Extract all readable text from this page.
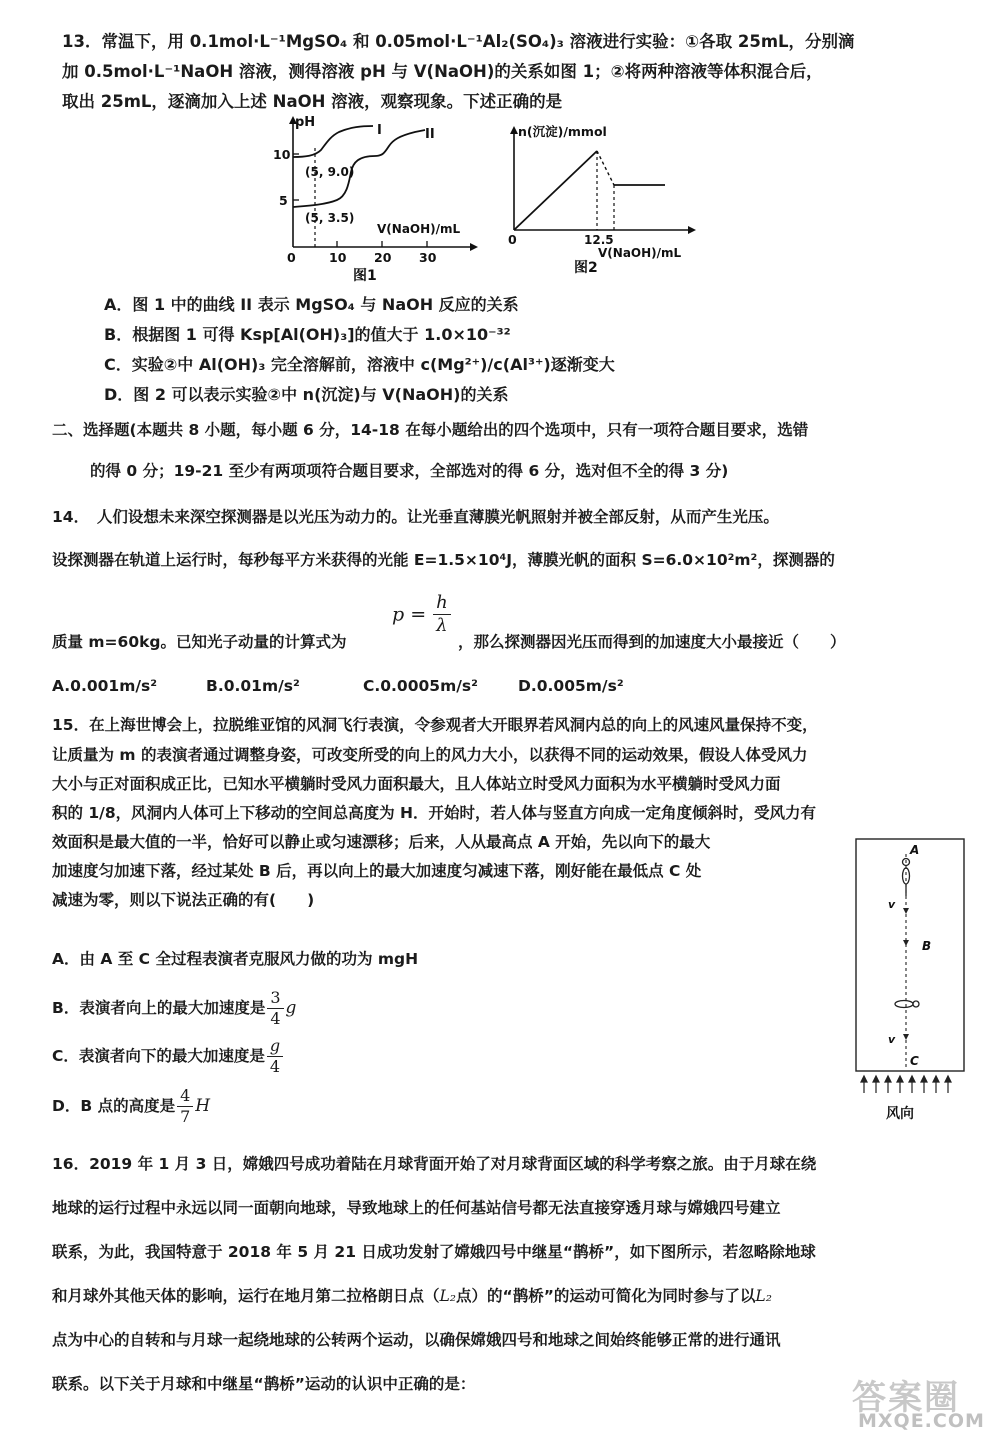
13．常温下，用 0.1mol·L⁻¹MgSO₄ 和 0.05mol·L⁻¹Al₂(SO₄)₃ 溶液进行实验：①各取 25mL，分别滴
加 0.5mol·L⁻¹NaOH 溶液，测得溶液 pH 与 V(NaOH)的关系如图 1；②将两种溶液等体积混合后，
取出 25mL，逐滴加入上述 NaOH 溶液，观察现象。下述正确的是
pH
10
5
0	10 20 30
I	II
(5, 9.0)
(5, 3.5)
V(NaOH)/mL
图1
n(沉淀)/mmol
0	12.5
V(NaOH)/mL
图2
A．图 1 中的曲线 II 表示 MgSO₄ 与 NaOH 反应的关系
B．根据图 1 可得 Ksp[Al(OH)₃]的值大于 1.0×10⁻³²
C．实验②中 Al(OH)₃ 完全溶解前，溶液中 c(Mg²⁺)/c(Al³⁺)逐渐变大
D．图 2 可以表示实验②中 n(沉淀)与 V(NaOH)的关系
二、选择题(本题共 8 小题，每小题 6 分，14-18 在每小题给出的四个选项中，只有一项符合题目要求，选错
的得 0 分；19-21 至少有两项项符合题目要求，全部选对的得 6 分，选对但不全的得 3 分)
14．　人们设想未来深空探测器是以光压为动力的。让光垂直薄膜光帆照射并被全部反射，从而产生光压。
设探测器在轨道上运行时，每秒每平方米获得的光能 E=1.5×10⁴J，薄膜光帆的面积 S=6.0×10²m²，探测器的
质量 m=60kg。已知光子动量的计算式为
$p = \frac{h}{\lambda}$
，那么探测器因光压而得到的加速度大小最接近（　　）
A.0.001m/s²	B.0.01m/s²	C.0.0005m/s²	D.0.005m/s²
15．在上海世博会上，拉脱维亚馆的风洞飞行表演，令参观者大开眼界若风洞内总的向上的风速风量保持不变，
让质量为 m 的表演者通过调整身姿，可改变所受的向上的风力大小，以获得不同的运动效果，假设人体受风力
大小与正对面积成正比，已知水平横躺时受风力面积最大，且人体站立时受风力面积为水平横躺时受风力面
积的 1/8，风洞内人体可上下移动的空间总高度为 H．开始时，若人体与竖直方向成一定角度倾斜时，受风力有
效面积是最大值的一半，恰好可以静止或匀速漂移；后来，人从最高点 A 开始，先以向下的最大
加速度匀加速下落，经过某处 B 后，再以向上的最大加速度匀减速下落，刚好能在最低点 C 处
减速为零，则以下说法正确的有(　　)
A．由 A 至 C 全过程表演者克服风力做的功为 mgH
B．表演者向上的最大加速度是 $\frac{3}{4}$ g
C．表演者向下的最大加速度是 $\frac{g}{4}$
D．B 点的高度是 $\frac{4}{7}$ H
A
B
C
v
v
风向
16．2019 年 1 月 3 日，嫦娥四号成功着陆在月球背面开始了对月球背面区域的科学考察之旅。由于月球在绕
地球的运行过程中永远以同一面朝向地球，导致地球上的任何基站信号都无法直接穿透月球与嫦娥四号建立
联系，为此，我国特意于 2018 年 5 月 21 日成功发射了嫦娥四号中继星“鹊桥”，如下图所示，若忽略除地球
和月球外其他天体的影响，运行在地月第二拉格朗日点（L₂点）的“鹊桥”的运动可简化为同时参与了以L₂
点为中心的自转和与月球一起绕地球的公转两个运动，以确保嫦娥四号和地球之间始终能够正常的进行通讯
联系。以下关于月球和中继星“鹊桥”运动的认识中正确的是：	答案圈
MXQE.COM
